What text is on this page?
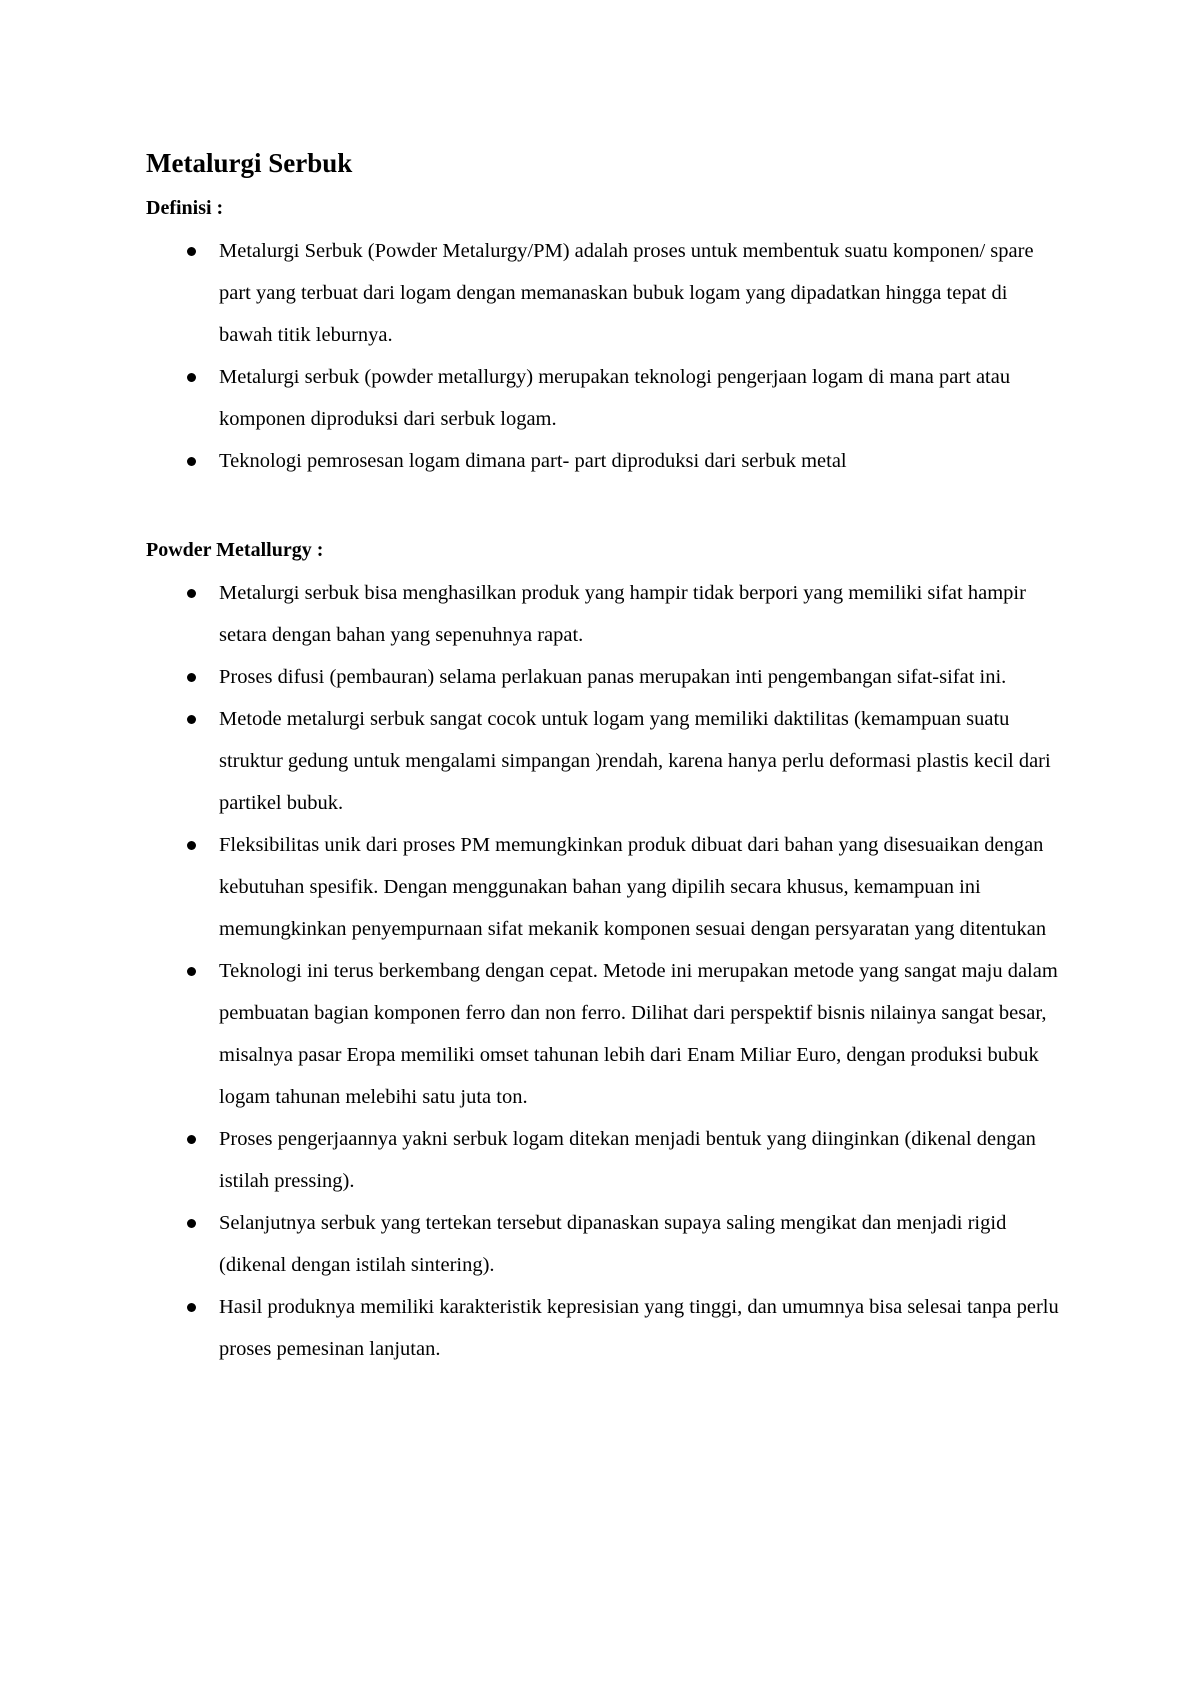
Metalurgi Serbuk
Definisi :
Metalurgi Serbuk (Powder Metalurgy/PM) adalah proses untuk membentuk suatu komponen/ spare part yang terbuat dari logam dengan memanaskan bubuk logam yang dipadatkan hingga tepat di bawah titik leburnya.
Metalurgi serbuk (powder metallurgy) merupakan teknologi pengerjaan logam di mana part atau komponen diproduksi dari serbuk logam.
Teknologi pemrosesan logam dimana part- part diproduksi dari serbuk metal
Powder Metallurgy :
Metalurgi serbuk bisa menghasilkan produk yang hampir tidak berpori yang memiliki sifat hampir setara dengan bahan yang sepenuhnya rapat.
Proses difusi (pembauran) selama perlakuan panas merupakan inti pengembangan sifat-sifat ini.
Metode metalurgi serbuk sangat cocok untuk logam yang memiliki daktilitas (kemampuan suatu struktur gedung untuk mengalami simpangan )rendah, karena hanya perlu deformasi plastis kecil dari partikel bubuk.
Fleksibilitas unik dari proses PM memungkinkan produk dibuat dari bahan yang disesuaikan dengan kebutuhan spesifik. Dengan menggunakan bahan yang dipilih secara khusus, kemampuan ini memungkinkan penyempurnaan sifat mekanik komponen sesuai dengan persyaratan yang ditentukan
Teknologi ini terus berkembang dengan cepat. Metode ini merupakan metode yang sangat maju dalam pembuatan bagian komponen ferro dan non ferro. Dilihat dari perspektif bisnis nilainya sangat besar, misalnya pasar Eropa memiliki omset tahunan lebih dari Enam Miliar Euro, dengan produksi bubuk logam tahunan melebihi satu juta ton.
Proses pengerjaannya yakni serbuk logam ditekan menjadi bentuk yang diinginkan (dikenal dengan istilah pressing).
Selanjutnya serbuk yang tertekan tersebut dipanaskan supaya saling mengikat dan menjadi rigid (dikenal dengan istilah sintering).
Hasil produknya memiliki karakteristik kepresisian yang tinggi, dan umumnya bisa selesai tanpa perlu proses pemesinan lanjutan.
